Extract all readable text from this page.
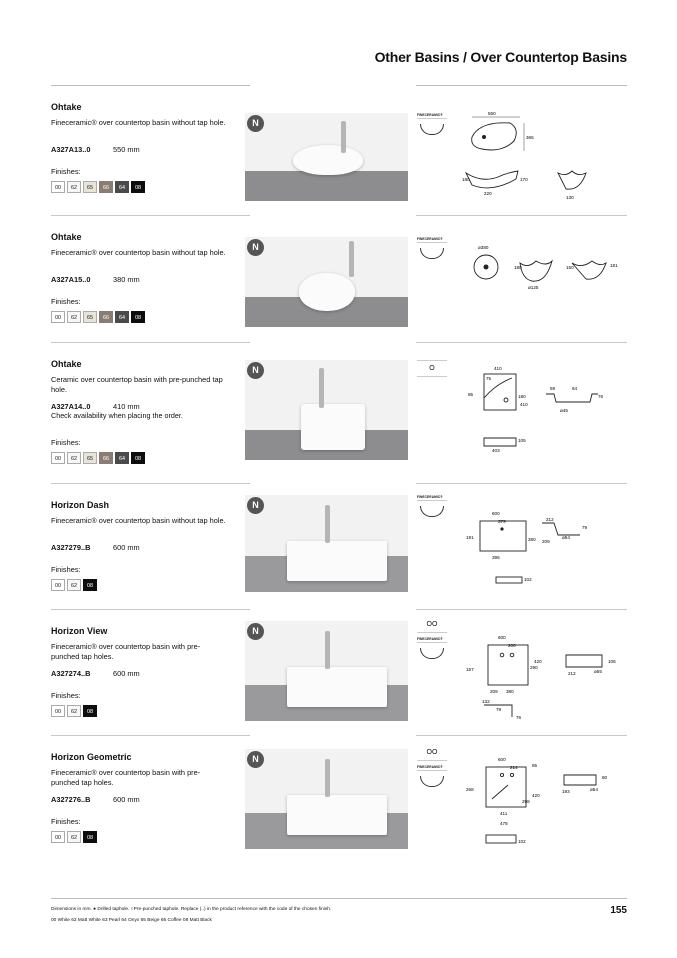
Other Basins / Over Countertop Basins
Ohtake
Fineceramic® over countertop basin without tap hole.
A327A13..0	550 mm
Finishes:
00	62	65	66	64	08
N
FINECERAMIC®	550
365
180	170
220
130
Ohtake
Fineceramic® over countertop basin without tap hole.
A327A15..0	380 mm
Finishes:
00	62	65	66	64	08
N
FINECERAMIC®
ø380
180
ø125
150	181
Ohtake
Ceramic over countertop basin with pre-punched tap hole.
A327A14..0	410 mm
Check availability when placing the order.
Finishes:
00	62	65	66	64	08
N	O	410
75
85	180
410
59	64
76
ø45
105
403
Horizon Dash
Fineceramic® over countertop basin without tap hole.
A327279..B	600 mm
Finishes:
00	62	08
N
FINECERAMIC®
600
379
191	380
396
212
79
ø54
209
102
Horizon View
Fineceramic® over countertop basin with pre-punched tap holes.
A327274..B	600 mm
Finishes:
00	62	08
N
OO
FINECERAMIC®	600
200
420
157	290
209 380
106
ø55
212
132
79
76
Horizon Geometric
Fineceramic® over countertop basin with pre-punched tap holes.
A327276..B	600 mm
Finishes:
00	62	08
N
OO
FINECERAMIC®
600
214	85
268
420
298
411
478
80
ø54
193
102
Dimensions in mm. ● Drilled taphole. ○Pre-punched taphole. Replace (..) in the product reference with the code of the chosen finish.
00 White 62 Matt White 63 Pearl 64 Onyx 65 Beige 66 Coffee 08 Matt Black
155
